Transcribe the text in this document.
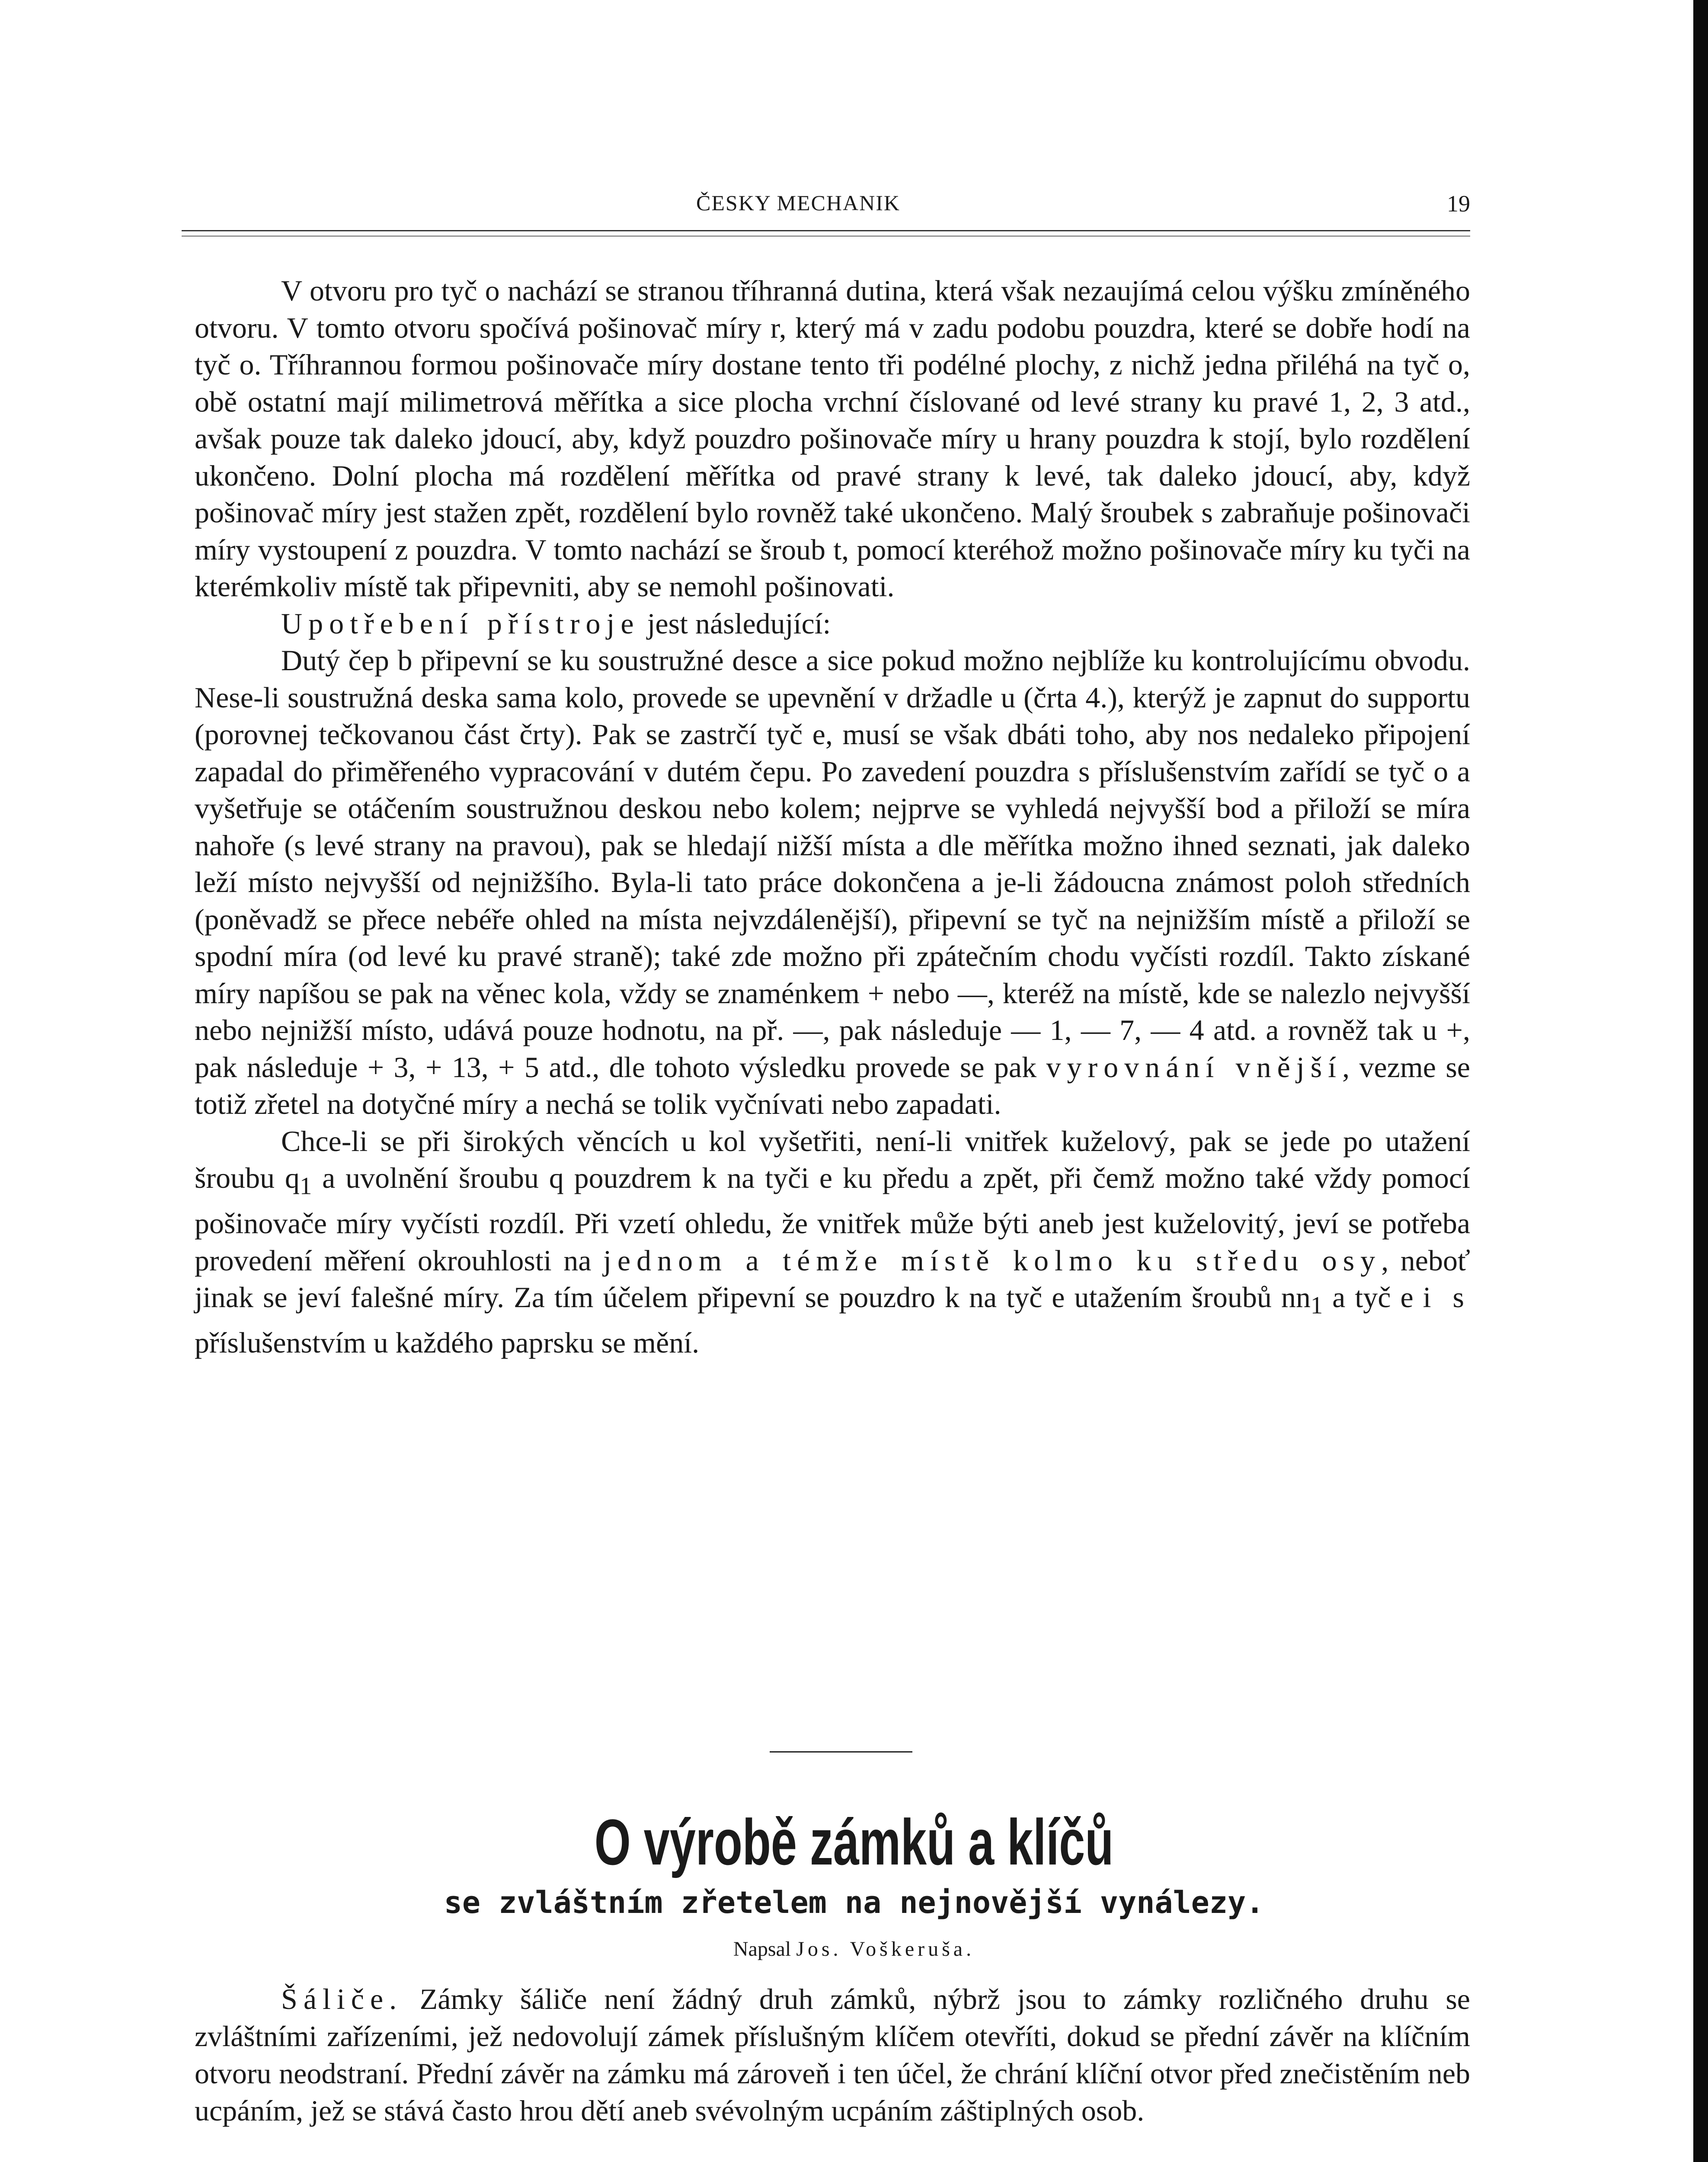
ČESKY MECHANIK	19

V otvoru pro tyč o nachází se stranou tříhranná dutina, která však nezaujímá celou výšku zmíněného otvoru. V tomto otvoru spočívá pošinovač míry r, který má v zadu podobu pouzdra, které se dobře hodí na tyč o. Tříhrannou formou pošinovače míry dostane tento tři podélné plochy, z nichž jedna přiléhá na tyč o, obě ostatní mají milimetrová měřítka a sice plocha vrchní číslované od levé strany ku pravé 1, 2, 3 atd., avšak pouze tak daleko jdoucí, aby, když pouzdro pošinovače míry u hrany pouzdra k stojí, bylo rozdělení ukončeno. Dolní plocha má rozdělení měřítka od pravé strany k levé, tak daleko jdoucí, aby, když pošinovač míry jest stažen zpět, rozdělení bylo rovněž také ukončeno. Malý šroubek s zabraňuje pošinovači míry vystoupení z pouzdra. V tomto nachází se šroub t, pomocí kteréhož možno pošinovače míry ku tyči na kterémkoliv místě tak připevniti, aby se nemohl pošinovati.

Upotřebení přístroje jest následující:

Dutý čep b připevní se ku soustružné desce a sice pokud možno nejblíže ku kontrolujícímu obvodu. Nese-li soustružná deska sama kolo, provede se upevnění v držadle u (črta 4.), kterýž je zapnut do supportu (porovnej tečkovanou část črty). Pak se zastrčí tyč e, musí se však dbáti toho, aby nos nedaleko připojení zapadal do přiměřeného vypracování v dutém čepu. Po zavedení pouzdra s příslušenstvím zařídí se tyč o a vyšetřuje se otáčením soustružnou deskou nebo kolem; nejprve se vyhledá nejvyšší bod a přiloží se míra nahoře (s levé strany na pravou), pak se hledají nižší místa a dle měřítka možno ihned seznati, jak daleko leží místo nejvyšší od nejnižšího. Byla-li tato práce dokončena a je-li žádoucna známost poloh středních (poněvadž se přece nebéře ohled na místa nejvzdálenější), připevní se tyč na nejnižším místě a přiloží se spodní míra (od levé ku pravé straně); také zde možno při zpátečním chodu vyčísti rozdíl. Takto získané míry napíšou se pak na věnec kola, vždy se znaménkem + nebo —, kteréž na místě, kde se nalezlo nejvyšší nebo nejnižší místo, udává pouze hodnotu, na př. —, pak následuje — 1, — 7, — 4 atd. a rovněž tak u +, pak následuje + 3, + 13, + 5 atd., dle tohoto výsledku provede se pak vyrovnání vnější, vezme se totiž zřetel na dotyčné míry a nechá se tolik vyčnívati nebo zapadati.

Chce-li se při širokých věncích u kol vyšetřiti, není-li vnitřek kuželový, pak se jede po utažení šroubu $q_1$ a uvolnění šroubu q pouzdrem k na tyči e ku předu a zpět, při čemž možno také vždy pomocí pošinovače míry vyčísti rozdíl. Při vzetí ohledu, že vnitřek může býti aneb jest kuželovitý, jeví se potřeba provedení měření okrouhlosti na jednom a témže místě kolmo ku středu osy, neboť jinak se jeví falešné míry. Za tím účelem připevní se pouzdro k na tyč e utažením šroubů $nn_1$ a tyč e i s příslušenstvím u každého paprsku se mění.

O výrobě zámků a klíčů
se zvláštním zřetelem na nejnovější vynálezy.
Napsal Jos. Voškeruša.

Šáliče. Zámky šáliče není žádný druh zámků, nýbrž jsou to zámky rozličného druhu se zvláštními zařízeními, jež nedovolují zámek příslušným klíčem otevříti, dokud se přední závěr na klíčním otvoru neodstraní. Přední závěr na zámku má zároveň i ten účel, že chrání klíční otvor před znečistěním neb ucpáním, jež se stává často hrou dětí aneb svévolným ucpáním záštiplných osob.
